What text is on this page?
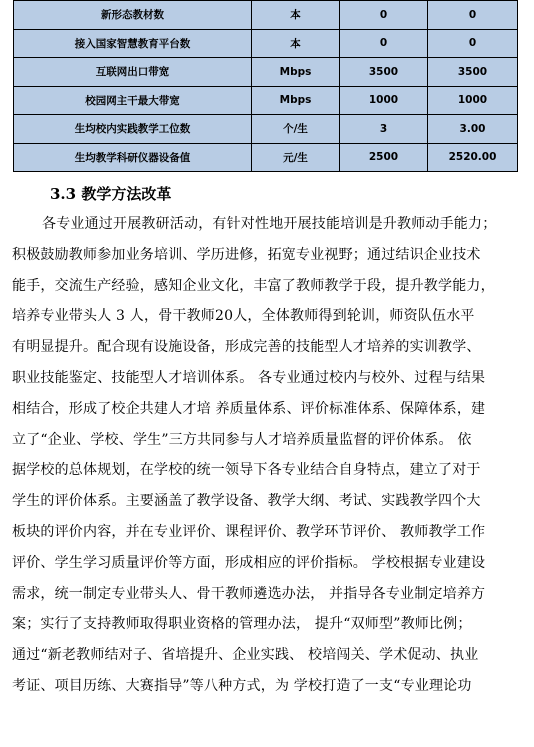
新形态教材数	本	0	0
接入国家智慧教育平台数	本	0	0
互联网出口带宽	Mbps	3500	3500
校园网主干最大带宽	Mbps	1000	1000
生均校内实践教学工位数	个/生	3	3.00
生均教学科研仪器设备值	元/生	2500	2520.00
3.3 教学方法改革
各专业通过开展教研活动，有针对性地开展技能培训是升教师动手能力；
积极鼓励教师参加业务培训、学历进修，拓宽专业视野；通过结识企业技术
能手，交流生产经验，感知企业文化，丰富了教师教学于段，提升教学能力，
培养专业带头人 3 人，骨干教师20人，全体教师得到轮训，师资队伍水平
有明显提升。配合现有设施设备，形成完善的技能型人才培养的实训教学、
职业技能鉴定、技能型人才培训体系。 各专业通过校内与校外、过程与结果
相结合，形成了校企共建人才培 养质量体系、评价标准体系、保障体系，建
立了“企业、学校、学生”三方共同参与人才培养质量监督的评价体系。 依
据学校的总体规划，在学校的统一领导下各专业结合自身特点，建立了对于
学生的评价体系。主要涵盖了教学设备、教学大纲、考试、实践教学四个大
板块的评价内容，并在专业评价、课程评价、教学环节评价、 教师教学工作
评价、学生学习质量评价等方面，形成相应的评价指标。 学校根据专业建设
需求，统一制定专业带头人、骨干教师遴选办法， 并指导各专业制定培养方
案；实行了支持教师取得职业资格的管理办法， 提升“双师型”教师比例；
通过“新老教师结对子、省培提升、企业实践、 校培闯关、学术促动、执业
考证、项目历练、大赛指导”等八种方式，为 学校打造了一支“专业理论功
